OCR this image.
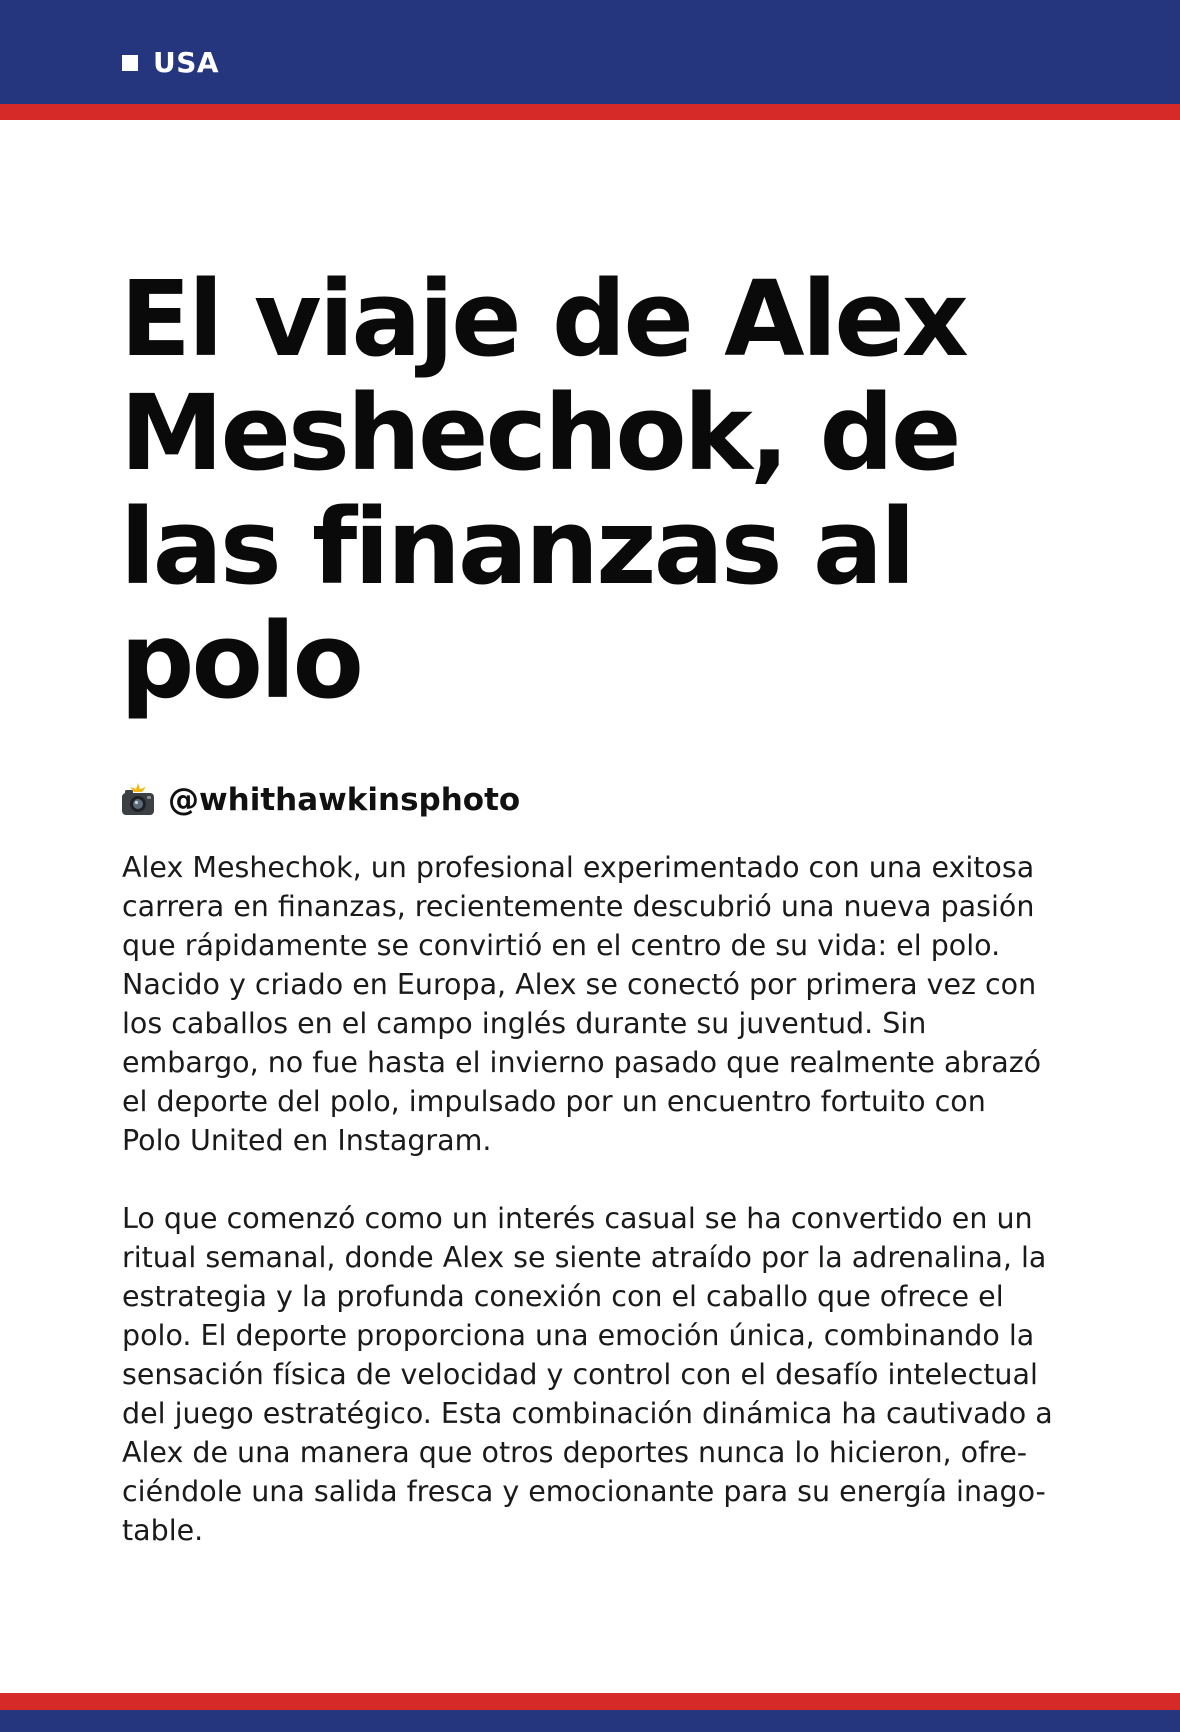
USA
El viaje de Alex
Meshechok, de
las finanzas al
polo
@whithawkinsphoto

Alex Meshechok, un profesional experimentado con una exitosa
carrera en finanzas, recientemente descubrió una nueva pasión
que rápidamente se convirtió en el centro de su vida: el polo.
Nacido y criado en Europa, Alex se conectó por primera vez con
los caballos en el campo inglés durante su juventud. Sin
embargo, no fue hasta el invierno pasado que realmente abrazó
el deporte del polo, impulsado por un encuentro fortuito con
Polo United en Instagram.

Lo que comenzó como un interés casual se ha convertido en un
ritual semanal, donde Alex se siente atraído por la adrenalina, la
estrategia y la profunda conexión con el caballo que ofrece el
polo. El deporte proporciona una emoción única, combinando la
sensación física de velocidad y control con el desafío intelectual
del juego estratégico. Esta combinación dinámica ha cautivado a
Alex de una manera que otros deportes nunca lo hicieron, ofre-
ciéndole una salida fresca y emocionante para su energía inago-
table.
